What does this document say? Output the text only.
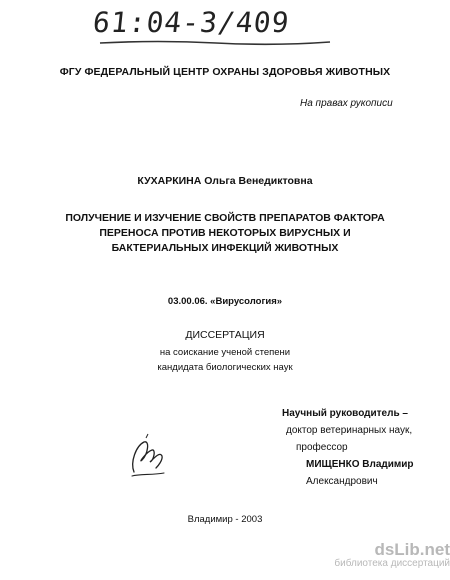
61:04-3/409
ФГУ ФЕДЕРАЛЬНЫЙ ЦЕНТР ОХРАНЫ ЗДОРОВЬЯ ЖИВОТНЫХ
На правах рукописи
КУХАРКИНА Ольга Венедиктовна
ПОЛУЧЕНИЕ И ИЗУЧЕНИЕ СВОЙСТВ ПРЕПАРАТОВ ФАКТОРА
ПЕРЕНОСА ПРОТИВ НЕКОТОРЫХ ВИРУСНЫХ И
БАКТЕРИАЛЬНЫХ ИНФЕКЦИЙ ЖИВОТНЫХ
03.00.06. «Вирусология»
ДИССЕРТАЦИЯ
на соискание ученой степени
кандидата биологических наук
Научный руководитель –
доктор ветеринарных наук,
профессор
МИЩЕНКО Владимир
Александрович
Владимир - 2003
dsLib.net
библиотека диссертаций
